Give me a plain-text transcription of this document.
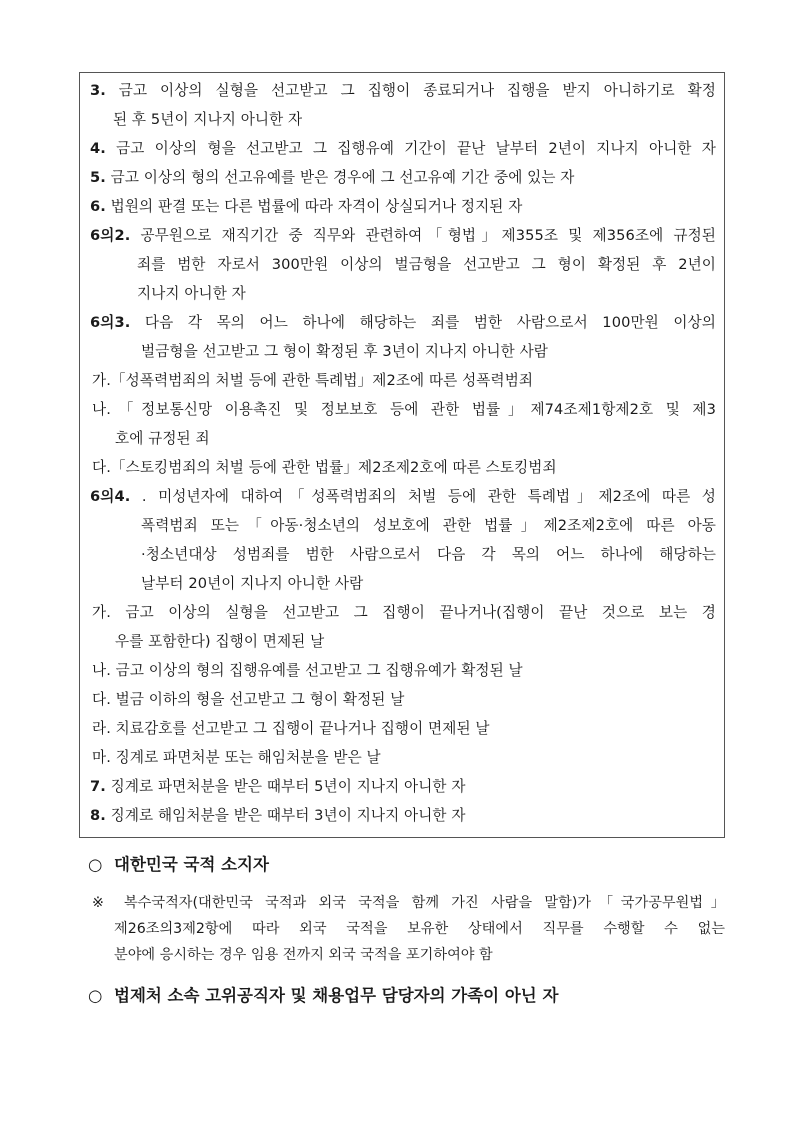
3. 금고 이상의 실형을 선고받고 그 집행이 종료되거나 집행을 받지 아니하기로 확정
된 후 5년이 지나지 아니한 자
4. 금고 이상의 형을 선고받고 그 집행유예 기간이 끝난 날부터 2년이 지나지 아니한 자
5. 금고 이상의 형의 선고유예를 받은 경우에 그 선고유예 기간 중에 있는 자
6. 법원의 판결 또는 다른 법률에 따라 자격이 상실되거나 정지된 자
6의2. 공무원으로 재직기간 중 직무와 관련하여「형법」제355조 및 제356조에 규정된
죄를 범한 자로서 300만원 이상의 벌금형을 선고받고 그 형이 확정된 후 2년이
지나지 아니한 자
6의3. 다음 각 목의 어느 하나에 해당하는 죄를 범한 사람으로서 100만원 이상의
벌금형을 선고받고 그 형이 확정된 후 3년이 지나지 아니한 사람
가.「성폭력범죄의 처벌 등에 관한 특례법」제2조에 따른 성폭력범죄
나.「정보통신망 이용촉진 및 정보보호 등에 관한 법률」제74조제1항제2호 및 제3
호에 규정된 죄
다.「스토킹범죄의 처벌 등에 관한 법률」제2조제2호에 따른 스토킹범죄
6의4. . 미성년자에 대하여「성폭력범죄의 처벌 등에 관한 특례법」제2조에 따른 성
폭력범죄 또는「아동·청소년의 성보호에 관한 법률」제2조제2호에 따른 아동
·청소년대상 성범죄를 범한 사람으로서 다음 각 목의 어느 하나에 해당하는
날부터 20년이 지나지 아니한 사람
가. 금고 이상의 실형을 선고받고 그 집행이 끝나거나(집행이 끝난 것으로 보는 경
우를 포함한다) 집행이 면제된 날
나. 금고 이상의 형의 집행유예를 선고받고 그 집행유예가 확정된 날
다. 벌금 이하의 형을 선고받고 그 형이 확정된 날
라. 치료감호를 선고받고 그 집행이 끝나거나 집행이 면제된 날
마. 징계로 파면처분 또는 해임처분을 받은 날
7. 징계로 파면처분을 받은 때부터 5년이 지나지 아니한 자
8. 징계로 해임처분을 받은 때부터 3년이 지나지 아니한 자
○ 대한민국 국적 소지자
※ 복수국적자(대한민국 국적과 외국 국적을 함께 가진 사람을 말함)가「국가공무원법」
제26조의3제2항에 따라 외국 국적을 보유한 상태에서 직무를 수행할 수 없는
분야에 응시하는 경우 임용 전까지 외국 국적을 포기하여야 함
○ 법제처 소속 고위공직자 및 채용업무 담당자의 가족이 아닌 자
